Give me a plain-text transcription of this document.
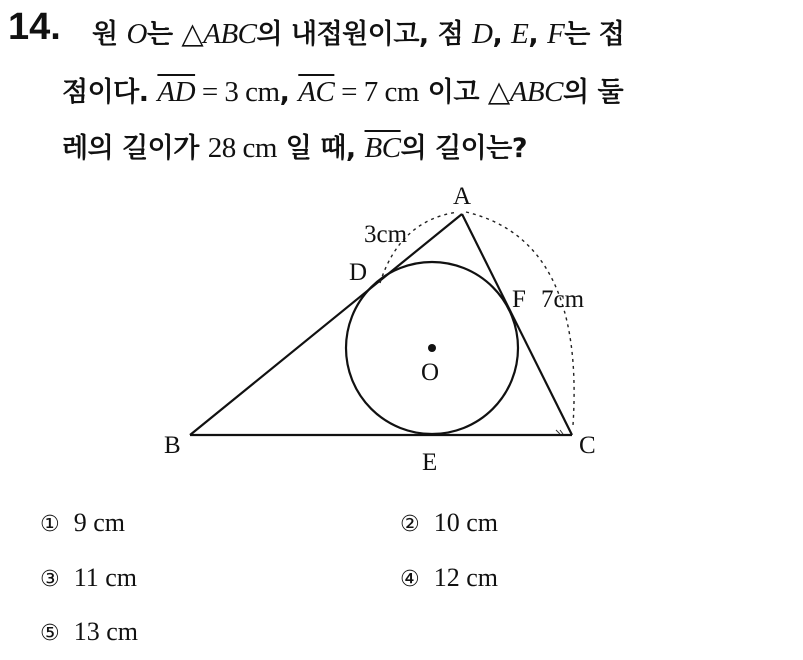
14. 원 O는 △ABC의 내접원이고, 점 D, E, F는 접
점이다. $\overline{AD} = 3$ cm, $\overline{AC} = 7$ cm 이고 △ABC의 둘
레의 길이가 28 cm 일 때, $\overline{BC}$의 길이는?
A
B	C
D
E
F
O
3cm
7cm
① 9 cm	② 10 cm
③ 11 cm	④ 12 cm
⑤ 13 cm
